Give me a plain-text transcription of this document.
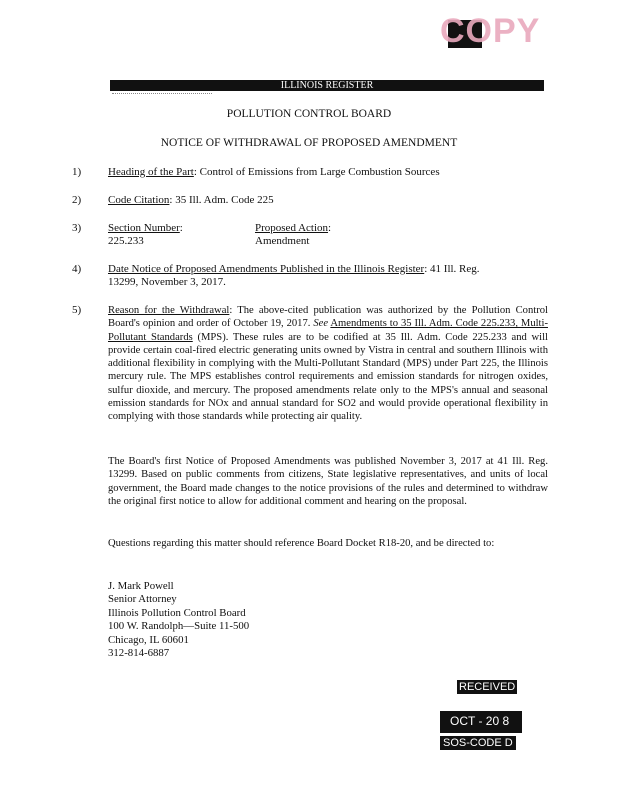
COPY
ILLINOIS REGISTER
POLLUTION CONTROL BOARD
NOTICE OF WITHDRAWAL OF PROPOSED AMENDMENT
1) Heading of the Part: Control of Emissions from Large Combustion Sources
2) Code Citation: 35 Ill. Adm. Code 225
3) Section Number:	Proposed Action:
225.233	Amendment
4) Date Notice of Proposed Amendments Published in the Illinois Register: 41 Ill. Reg.
13299, November 3, 2017.
5)	Reason for the Withdrawal: The above-cited publication was authorized by the Pollution Control Board's opinion and order of October 19, 2017. See Amendments to 35 Ill. Adm. Code 225.233, Multi-Pollutant Standards (MPS). These rules are to be codified at 35 Ill. Adm. Code 225.233 and will provide certain coal-fired electric generating units owned by Vistra in central and southern Illinois with additional flexibility in complying with the Multi-Pollutant Standard (MPS) under Part 225, the Illinois mercury rule. The MPS establishes control requirements and emission standards for nitrogen oxides, sulfur dioxide, and mercury. The proposed amendments relate only to the MPS's annual and seasonal emission standards for NOx and annual standard for SO2 and would provide operational flexibility in complying with those standards while protecting air quality.
The Board's first Notice of Proposed Amendments was published November 3, 2017 at 41 Ill. Reg. 13299. Based on public comments from citizens, State legislative representatives, and units of local government, the Board made changes to the notice provisions of the rules and determined to withdraw the original first notice to allow for additional comment and hearing on the proposal.
Questions regarding this matter should reference Board Docket R18-20, and be directed to:
J. Mark Powell
Senior Attorney
Illinois Pollution Control Board
100 W. Randolph—Suite 11-500
Chicago, IL 60601
312-814-6887
RECEIVED
OCT - 20 8
SOS-CODE D
